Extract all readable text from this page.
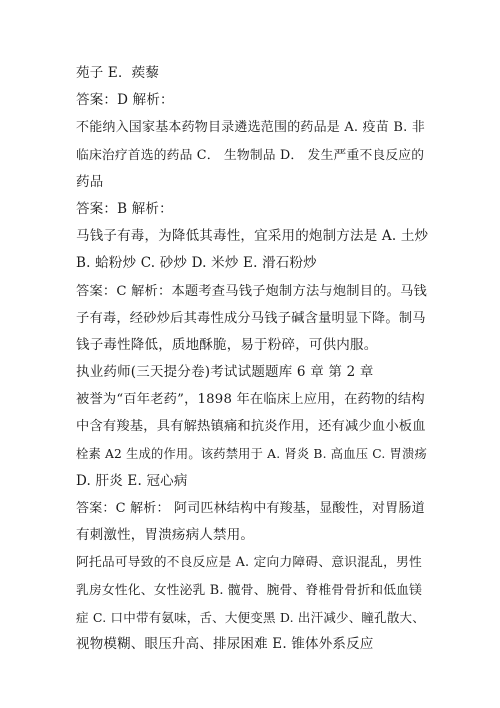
苑子 E．蒺藜
答案：D 解析：
不能纳入国家基本药物目录遴选范围的药品是 A. 疫苗 B. 非
临床治疗首选的药品 C． 生物制品 D． 发生严重不良反应的
药品
答案：B 解析：
马钱子有毒，为降低其毒性，宜采用的炮制方法是 A. 土炒
B. 蛤粉炒 C. 砂炒 D. 米炒 E. 滑石粉炒
答案：C 解析：本题考查马钱子炮制方法与炮制目的。马钱
子有毒，经砂炒后其毒性成分马钱子碱含量明显下降。制马
钱子毒性降低，质地酥脆，易于粉碎，可供内服。
执业药师(三天提分卷)考试试题题库 6 章 第 2 章
被誉为“百年老药”，1898 年在临床上应用，在药物的结构
中含有羧基，具有解热镇痛和抗炎作用，还有减少血小板血
栓素 A2 生成的作用。该药禁用于 A. 肾炎 B. 高血压 C. 胃溃疡
D. 肝炎 E. 冠心病
答案：C 解析： 阿司匹林结构中有羧基，显酸性，对胃肠道
有刺激性，胃溃疡病人禁用。
阿托品可导致的不良反应是 A. 定向力障碍、意识混乱，男性
乳房女性化、女性泌乳 B. 髋骨、腕骨、脊椎骨骨折和低血镁
症 C. 口中带有氨味，舌、大便变黑 D. 出汗减少、瞳孔散大、
视物模糊、眼压升高、排尿困难 E. 锥体外系反应
